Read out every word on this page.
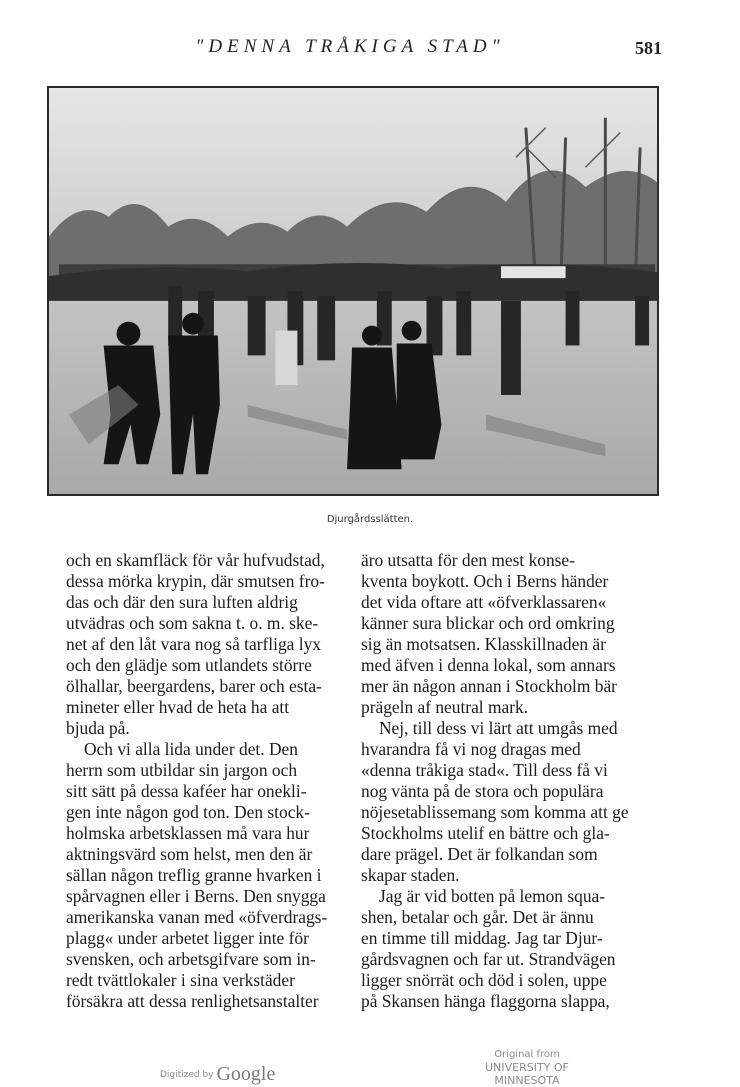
"DENNA TRÅKIGA STAD"	581
Djurgårdsslätten.
och en skamfläck för vår hufvudstad,
dessa mörka krypin, där smutsen fro-
das och där den sura luften aldrig
utvädras och som sakna t. o. m. ske-
net af den låt vara nog så tarfliga lyx
och den glädje som utlandets större
ölhallar, beergardens, barer och esta-
mineter eller hvad de heta ha att
bjuda på.
Och vi alla lida under det. Den
herrn som utbildar sin jargon och
sitt sätt på dessa kaféer har onekli-
gen inte någon god ton. Den stock-
holmska arbetsklassen må vara hur
aktningsvärd som helst, men den är
sällan någon treflig granne hvarken i
spårvagnen eller i Berns. Den snygga
amerikanska vanan med «öfverdrags-
plagg« under arbetet ligger inte för
svensken, och arbetsgifvare som in-
redt tvättlokaler i sina verkstäder
försäkra att dessa renlighetsanstalter
äro utsatta för den mest konse-
kventa boykott. Och i Berns händer
det vida oftare att «öfverklassaren«
känner sura blickar och ord omkring
sig än motsatsen. Klasskillnaden är
med äfven i denna lokal, som annars
mer än någon annan i Stockholm bär
prägeln af neutral mark.
Nej, till dess vi lärt att umgås med
hvarandra få vi nog dragas med
«denna tråkiga stad«. Till dess få vi
nog vänta på de stora och populära
nöjesetablissemang som komma att ge
Stockholms utelif en bättre och gla-
dare prägel. Det är folkandan som
skapar staden.
Jag är vid botten på lemon squa-
shen, betalar och går. Det är ännu
en timme till middag. Jag tar Djur-
gårdsvagnen och far ut. Strandvägen
ligger snörrät och död i solen, uppe
på Skansen hänga flaggorna slappa,
Digitized by Google
Original from
UNIVERSITY OF MINNESOTA
